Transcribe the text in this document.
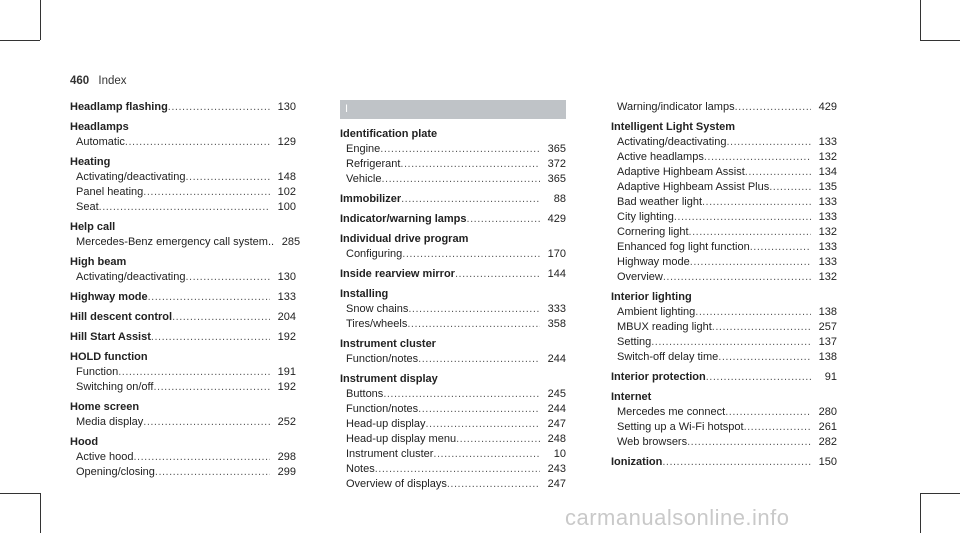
460 Index
Headlamp flashing .....	130
Headlamps
Automatic .....	129
Heating
Activating/deactivating .....	148
Panel heating .....	102
Seat .....	100
Help call
Mercedes-Benz emergency call system.. 285
High beam
Activating/deactivating .....	130
Highway mode .....	133
Hill descent control .....	204
Hill Start Assist .....	192
HOLD function
Function .....	191
Switching on/off .....	192
Home screen
Media display .....	252
Hood
Active hood .....	298
Opening/closing .....	299
I
Identification plate
Engine .....	365
Refrigerant .....	372
Vehicle .....	365
Immobilizer .....	88
Indicator/warning lamps .....	429
Individual drive program
Configuring .....	170
Inside rearview mirror .....	144
Installing
Snow chains .....	333
Tires/wheels .....	358
Instrument cluster
Function/notes .....	244
Instrument display
Buttons .....	245
Function/notes .....	244
Head-up display .....	247
Head-up display menu .....	248
Instrument cluster .....	10
Notes .....	243
Overview of displays .....	247
Warning/indicator lamps .....	429
Intelligent Light System
Activating/deactivating .....	133
Active headlamps .....	132
Adaptive Highbeam Assist .....	134
Adaptive Highbeam Assist Plus .....	135
Bad weather light .....	133
City lighting .....	133
Cornering light .....	132
Enhanced fog light function .....	133
Highway mode .....	133
Overview .....	132
Interior lighting
Ambient lighting .....	138
MBUX reading light .....	257
Setting .....	137
Switch-off delay time .....	138
Interior protection .....	91
Internet
Mercedes me connect .....	280
Setting up a Wi-Fi hotspot .....	261
Web browsers .....	282
Ionization .....	150
carmanualsonline.info
